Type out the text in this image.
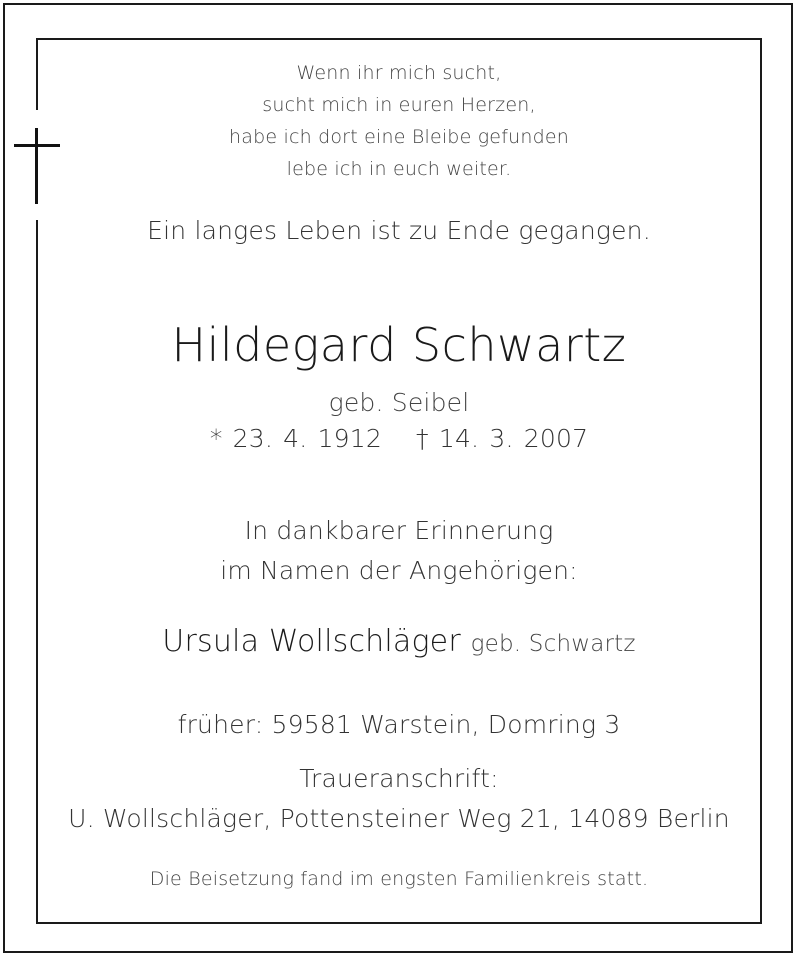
Wenn ihr mich sucht,
sucht mich in euren Herzen,
habe ich dort eine Bleibe gefunden
lebe ich in euch weiter.
Ein langes Leben ist zu Ende gegangen.
Hildegard Schwartz
geb. Seibel
* 23. 4. 1912 † 14. 3. 2007
In dankbarer Erinnerung
im Namen der Angehörigen:
Ursula Wollschläger geb. Schwartz
früher: 59581 Warstein, Domring 3
Traueranschrift:
U. Wollschläger, Pottensteiner Weg 21, 14089 Berlin
Die Beisetzung fand im engsten Familienkreis statt.
